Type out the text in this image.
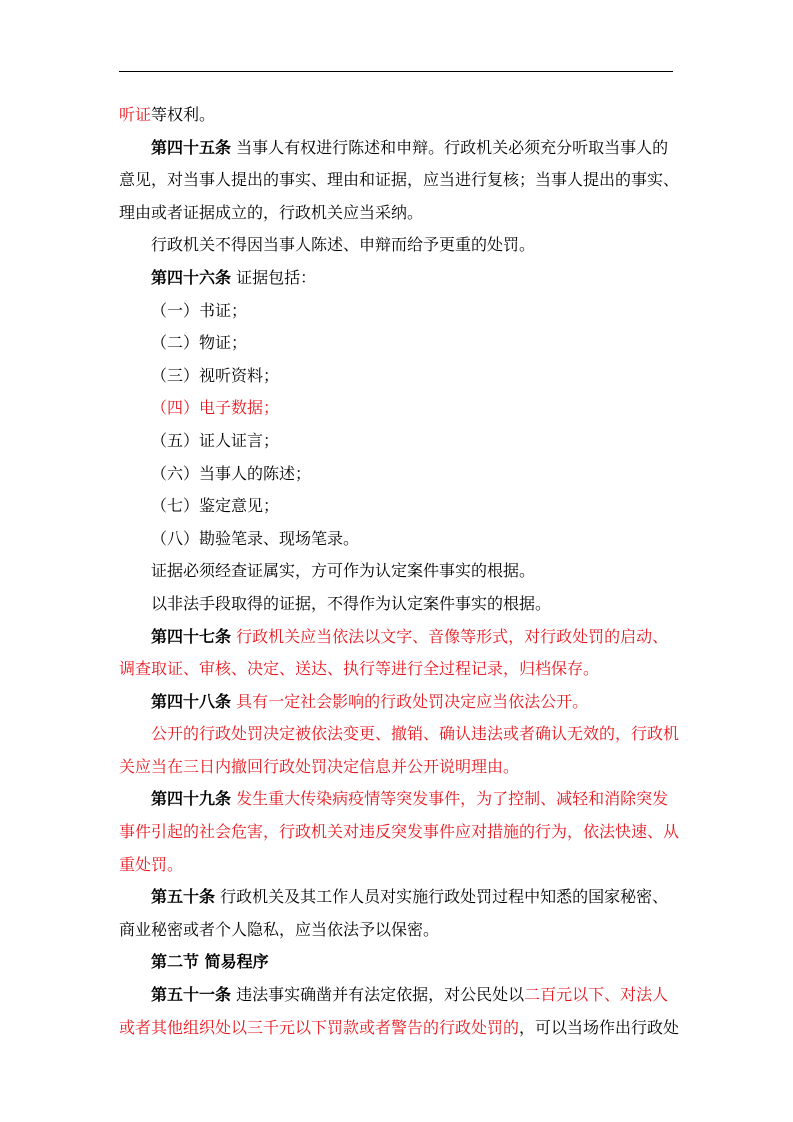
听证等权利。
第四十五条 当事人有权进行陈述和申辩。行政机关必须充分听取当事人的
意见，对当事人提出的事实、理由和证据，应当进行复核；当事人提出的事实、
理由或者证据成立的，行政机关应当采纳。
行政机关不得因当事人陈述、申辩而给予更重的处罚。
第四十六条 证据包括：
（一）书证；
（二）物证；
（三）视听资料；
（四）电子数据；
（五）证人证言；
（六）当事人的陈述；
（七）鉴定意见；
（八）勘验笔录、现场笔录。
证据必须经查证属实，方可作为认定案件事实的根据。
以非法手段取得的证据，不得作为认定案件事实的根据。
第四十七条 行政机关应当依法以文字、音像等形式，对行政处罚的启动、
调查取证、审核、决定、送达、执行等进行全过程记录，归档保存。
第四十八条 具有一定社会影响的行政处罚决定应当依法公开。
公开的行政处罚决定被依法变更、撤销、确认违法或者确认无效的，行政机
关应当在三日内撤回行政处罚决定信息并公开说明理由。
第四十九条 发生重大传染病疫情等突发事件，为了控制、减轻和消除突发
事件引起的社会危害，行政机关对违反突发事件应对措施的行为，依法快速、从
重处罚。
第五十条 行政机关及其工作人员对实施行政处罚过程中知悉的国家秘密、
商业秘密或者个人隐私，应当依法予以保密。
第二节 简易程序
第五十一条 违法事实确凿并有法定依据，对公民处以二百元以下、对法人
或者其他组织处以三千元以下罚款或者警告的行政处罚的，可以当场作出行政处
